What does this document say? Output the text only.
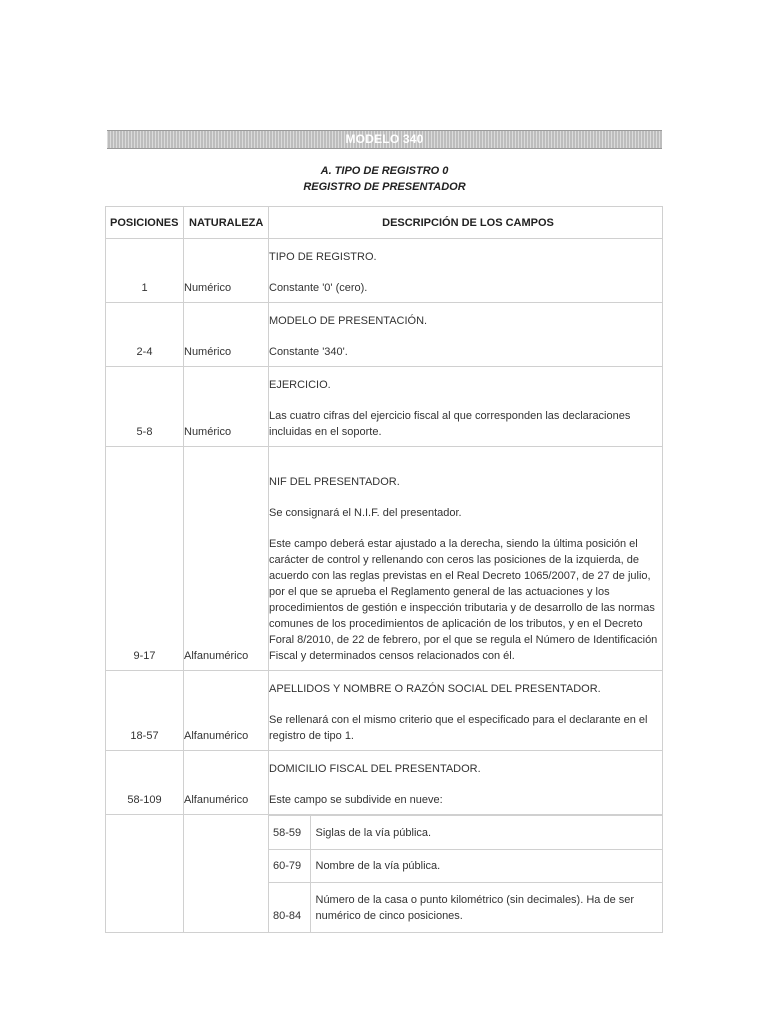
MODELO 340
A. TIPO DE REGISTRO 0
REGISTRO DE PRESENTADOR
POSICIONES	NATURALEZA	DESCRIPCIÓN DE LOS CAMPOS
1	Numérico	
TIPO DE REGISTRO.
Constante '0' (cero).

2-4	Numérico	
MODELO DE PRESENTACIÓN.
Constante '340'.

5-8	Numérico	
EJERCICIO.
Las cuatro cifras del ejercicio fiscal al que corresponden las declaraciones incluidas en el soporte.

9-17	Alfanumérico	
NIF DEL PRESENTADOR.
Se consignará el N.I.F. del presentador.
Este campo deberá estar ajustado a la derecha, siendo la última posición el carácter de control y rellenando con ceros las posiciones de la izquierda, de acuerdo con las reglas previstas en el Real Decreto 1065/2007, de 27 de julio, por el que se aprueba el Reglamento general de las actuaciones y los procedimientos de gestión e inspección tributaria y de desarrollo de las normas comunes de los procedimientos de aplicación de los tributos, y en el Decreto Foral 8/2010, de 22 de febrero, por el que se regula el Número de Identificación Fiscal y determinados censos relacionados con él.

18-57	Alfanumérico	
APELLIDOS Y NOMBRE O RAZÓN SOCIAL DEL PRESENTADOR.
Se rellenará con el mismo criterio que el especificado para el declarante en el registro de tipo 1.

58-109	Alfanumérico	
DOMICILIO FISCAL DEL PRESENTADOR.
Este campo se subdivide en nueve:

58-59	Siglas de la vía pública.
60-79	Nombre de la vía pública.
80-84	Número de la casa o punto kilométrico (sin decimales). Ha de ser numérico de cinco posiciones.
